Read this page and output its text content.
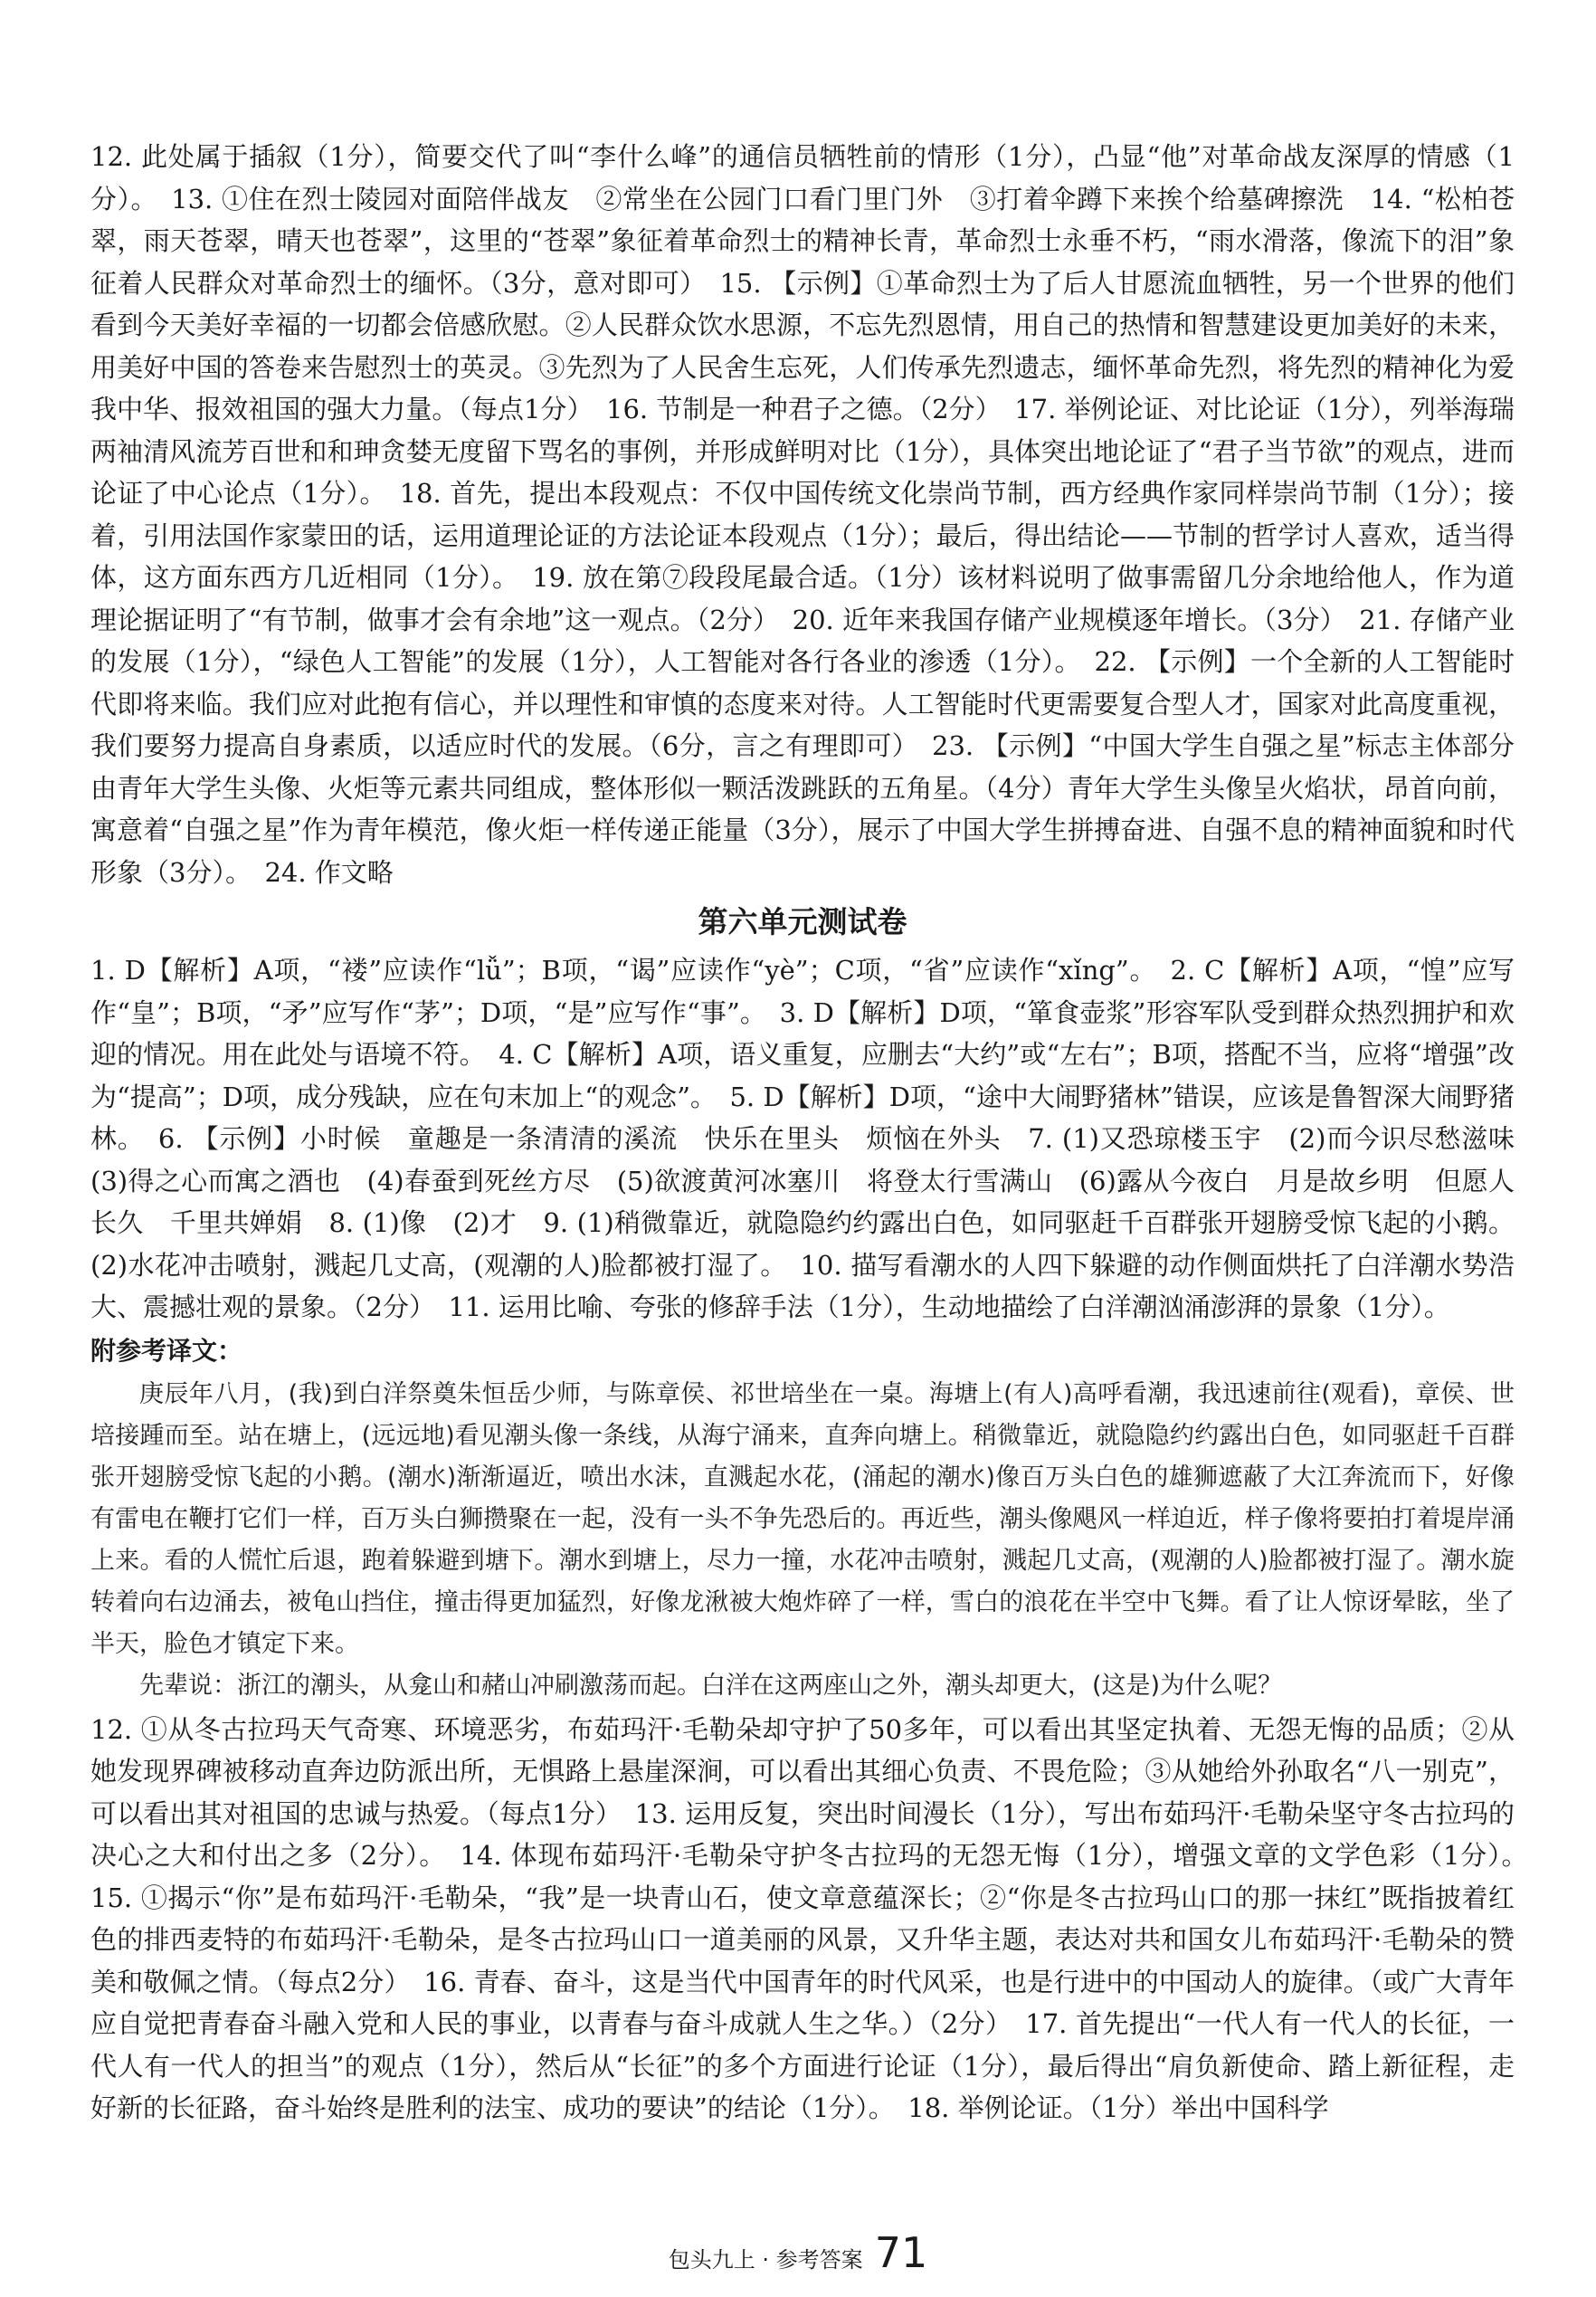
12. 此处属于插叙（1分），简要交代了叫“李什么峰”的通信员牺牲前的情形（1分），凸显“他”对革命战友深厚的情感（1分）。　13. ①住在烈士陵园对面陪伴战友　②常坐在公园门口看门里门外　③打着伞蹲下来挨个给墓碑擦洗　14. “松柏苍翠，雨天苍翠，晴天也苍翠”，这里的“苍翠”象征着革命烈士的精神长青，革命烈士永垂不朽，“雨水滑落，像流下的泪”象征着人民群众对革命烈士的缅怀。（3分，意对即可）　15. 【示例】①革命烈士为了后人甘愿流血牺牲，另一个世界的他们看到今天美好幸福的一切都会倍感欣慰。②人民群众饮水思源，不忘先烈恩情，用自己的热情和智慧建设更加美好的未来，用美好中国的答卷来告慰烈士的英灵。③先烈为了人民舍生忘死，人们传承先烈遗志，缅怀革命先烈，将先烈的精神化为爱我中华、报效祖国的强大力量。（每点1分）　16. 节制是一种君子之德。（2分）　17. 举例论证、对比论证（1分），列举海瑞两袖清风流芳百世和和珅贪婪无度留下骂名的事例，并形成鲜明对比（1分），具体突出地论证了“君子当节欲”的观点，进而论证了中心论点（1分）。　18. 首先，提出本段观点：不仅中国传统文化崇尚节制，西方经典作家同样崇尚节制（1分）；接着，引用法国作家蒙田的话，运用道理论证的方法论证本段观点（1分）；最后，得出结论——节制的哲学讨人喜欢，适当得体，这方面东西方几近相同（1分）。　19. 放在第⑦段段尾最合适。（1分）该材料说明了做事需留几分余地给他人，作为道理论据证明了“有节制，做事才会有余地”这一观点。（2分）　20. 近年来我国存储产业规模逐年增长。（3分）　21. 存储产业的发展（1分），“绿色人工智能”的发展（1分），人工智能对各行各业的渗透（1分）。　22. 【示例】一个全新的人工智能时代即将来临。我们应对此抱有信心，并以理性和审慎的态度来对待。人工智能时代更需要复合型人才，国家对此高度重视，我们要努力提高自身素质，以适应时代的发展。（6分，言之有理即可）　23. 【示例】“中国大学生自强之星”标志主体部分由青年大学生头像、火炬等元素共同组成，整体形似一颗活泼跳跃的五角星。（4分）青年大学生头像呈火焰状，昂首向前，寓意着“自强之星”作为青年模范，像火炬一样传递正能量（3分），展示了中国大学生拼搏奋进、自强不息的精神面貌和时代形象（3分）。　24. 作文略

第六单元测试卷

1. D【解析】A项，“褛”应读作“lǚ”；B项，“谒”应读作“yè”；C项，“省”应读作“xǐng”。　2. C【解析】A项，“惶”应写作“皇”；B项，“矛”应写作“茅”；D项，“是”应写作“事”。　3. D【解析】D项，“箪食壶浆”形容军队受到群众热烈拥护和欢迎的情况。用在此处与语境不符。　4. C【解析】A项，语义重复，应删去“大约”或“左右”；B项，搭配不当，应将“增强”改为“提高”；D项，成分残缺，应在句末加上“的观念”。　5. D【解析】D项，“途中大闹野猪林”错误，应该是鲁智深大闹野猪林。　6. 【示例】小时候　童趣是一条清清的溪流　快乐在里头　烦恼在外头　7. (1)又恐琼楼玉宇　(2)而今识尽愁滋味　(3)得之心而寓之酒也　(4)春蚕到死丝方尽　(5)欲渡黄河冰塞川　将登太行雪满山　(6)露从今夜白　月是故乡明　但愿人长久　千里共婵娟　8. (1)像　(2)才　9. (1)稍微靠近，就隐隐约约露出白色，如同驱赶千百群张开翅膀受惊飞起的小鹅。(2)水花冲击喷射，溅起几丈高，(观潮的人)脸都被打湿了。　10. 描写看潮水的人四下躲避的动作侧面烘托了白洋潮水势浩大、震撼壮观的景象。（2分）　11. 运用比喻、夸张的修辞手法（1分），生动地描绘了白洋潮汹涌澎湃的景象（1分）。

附参考译文：

庚辰年八月，(我)到白洋祭奠朱恒岳少师，与陈章侯、祁世培坐在一桌。海塘上(有人)高呼看潮，我迅速前往(观看)，章侯、世培接踵而至。站在塘上，(远远地)看见潮头像一条线，从海宁涌来，直奔向塘上。稍微靠近，就隐隐约约露出白色，如同驱赶千百群张开翅膀受惊飞起的小鹅。(潮水)渐渐逼近，喷出水沫，直溅起水花，(涌起的潮水)像百万头白色的雄狮遮蔽了大江奔流而下，好像有雷电在鞭打它们一样，百万头白狮攒聚在一起，没有一头不争先恐后的。再近些，潮头像飓风一样迫近，样子像将要拍打着堤岸涌上来。看的人慌忙后退，跑着躲避到塘下。潮水到塘上，尽力一撞，水花冲击喷射，溅起几丈高，(观潮的人)脸都被打湿了。潮水旋转着向右边涌去，被龟山挡住，撞击得更加猛烈，好像龙湫被大炮炸碎了一样，雪白的浪花在半空中飞舞。看了让人惊讶晕眩，坐了半天，脸色才镇定下来。

先辈说：浙江的潮头，从龛山和赭山冲刷激荡而起。白洋在这两座山之外，潮头却更大，(这是)为什么呢？

12. ①从冬古拉玛天气奇寒、环境恶劣，布茹玛汗·毛勒朵却守护了50多年，可以看出其坚定执着、无怨无悔的品质；②从她发现界碑被移动直奔边防派出所，无惧路上悬崖深涧，可以看出其细心负责、不畏危险；③从她给外孙取名“八一别克”，可以看出其对祖国的忠诚与热爱。（每点1分）　13. 运用反复，突出时间漫长（1分），写出布茹玛汗·毛勒朵坚守冬古拉玛的决心之大和付出之多（2分）。　14. 体现布茹玛汗·毛勒朵守护冬古拉玛的无怨无悔（1分），增强文章的文学色彩（1分）。　15. ①揭示“你”是布茹玛汗·毛勒朵，“我”是一块青山石，使文章意蕴深长；②“你是冬古拉玛山口的那一抹红”既指披着红色的排西麦特的布茹玛汗·毛勒朵，是冬古拉玛山口一道美丽的风景，又升华主题，表达对共和国女儿布茹玛汗·毛勒朵的赞美和敬佩之情。（每点2分）　16. 青春、奋斗，这是当代中国青年的时代风采，也是行进中的中国动人的旋律。（或广大青年应自觉把青春奋斗融入党和人民的事业，以青春与奋斗成就人生之华。）（2分）　17. 首先提出“一代人有一代人的长征，一代人有一代人的担当”的观点（1分），然后从“长征”的多个方面进行论证（1分），最后得出“肩负新使命、踏上新征程，走好新的长征路，奋斗始终是胜利的法宝、成功的要诀”的结论（1分）。　18. 举例论证。（1分）举出中国科学

包头九上 · 参考答案 71
